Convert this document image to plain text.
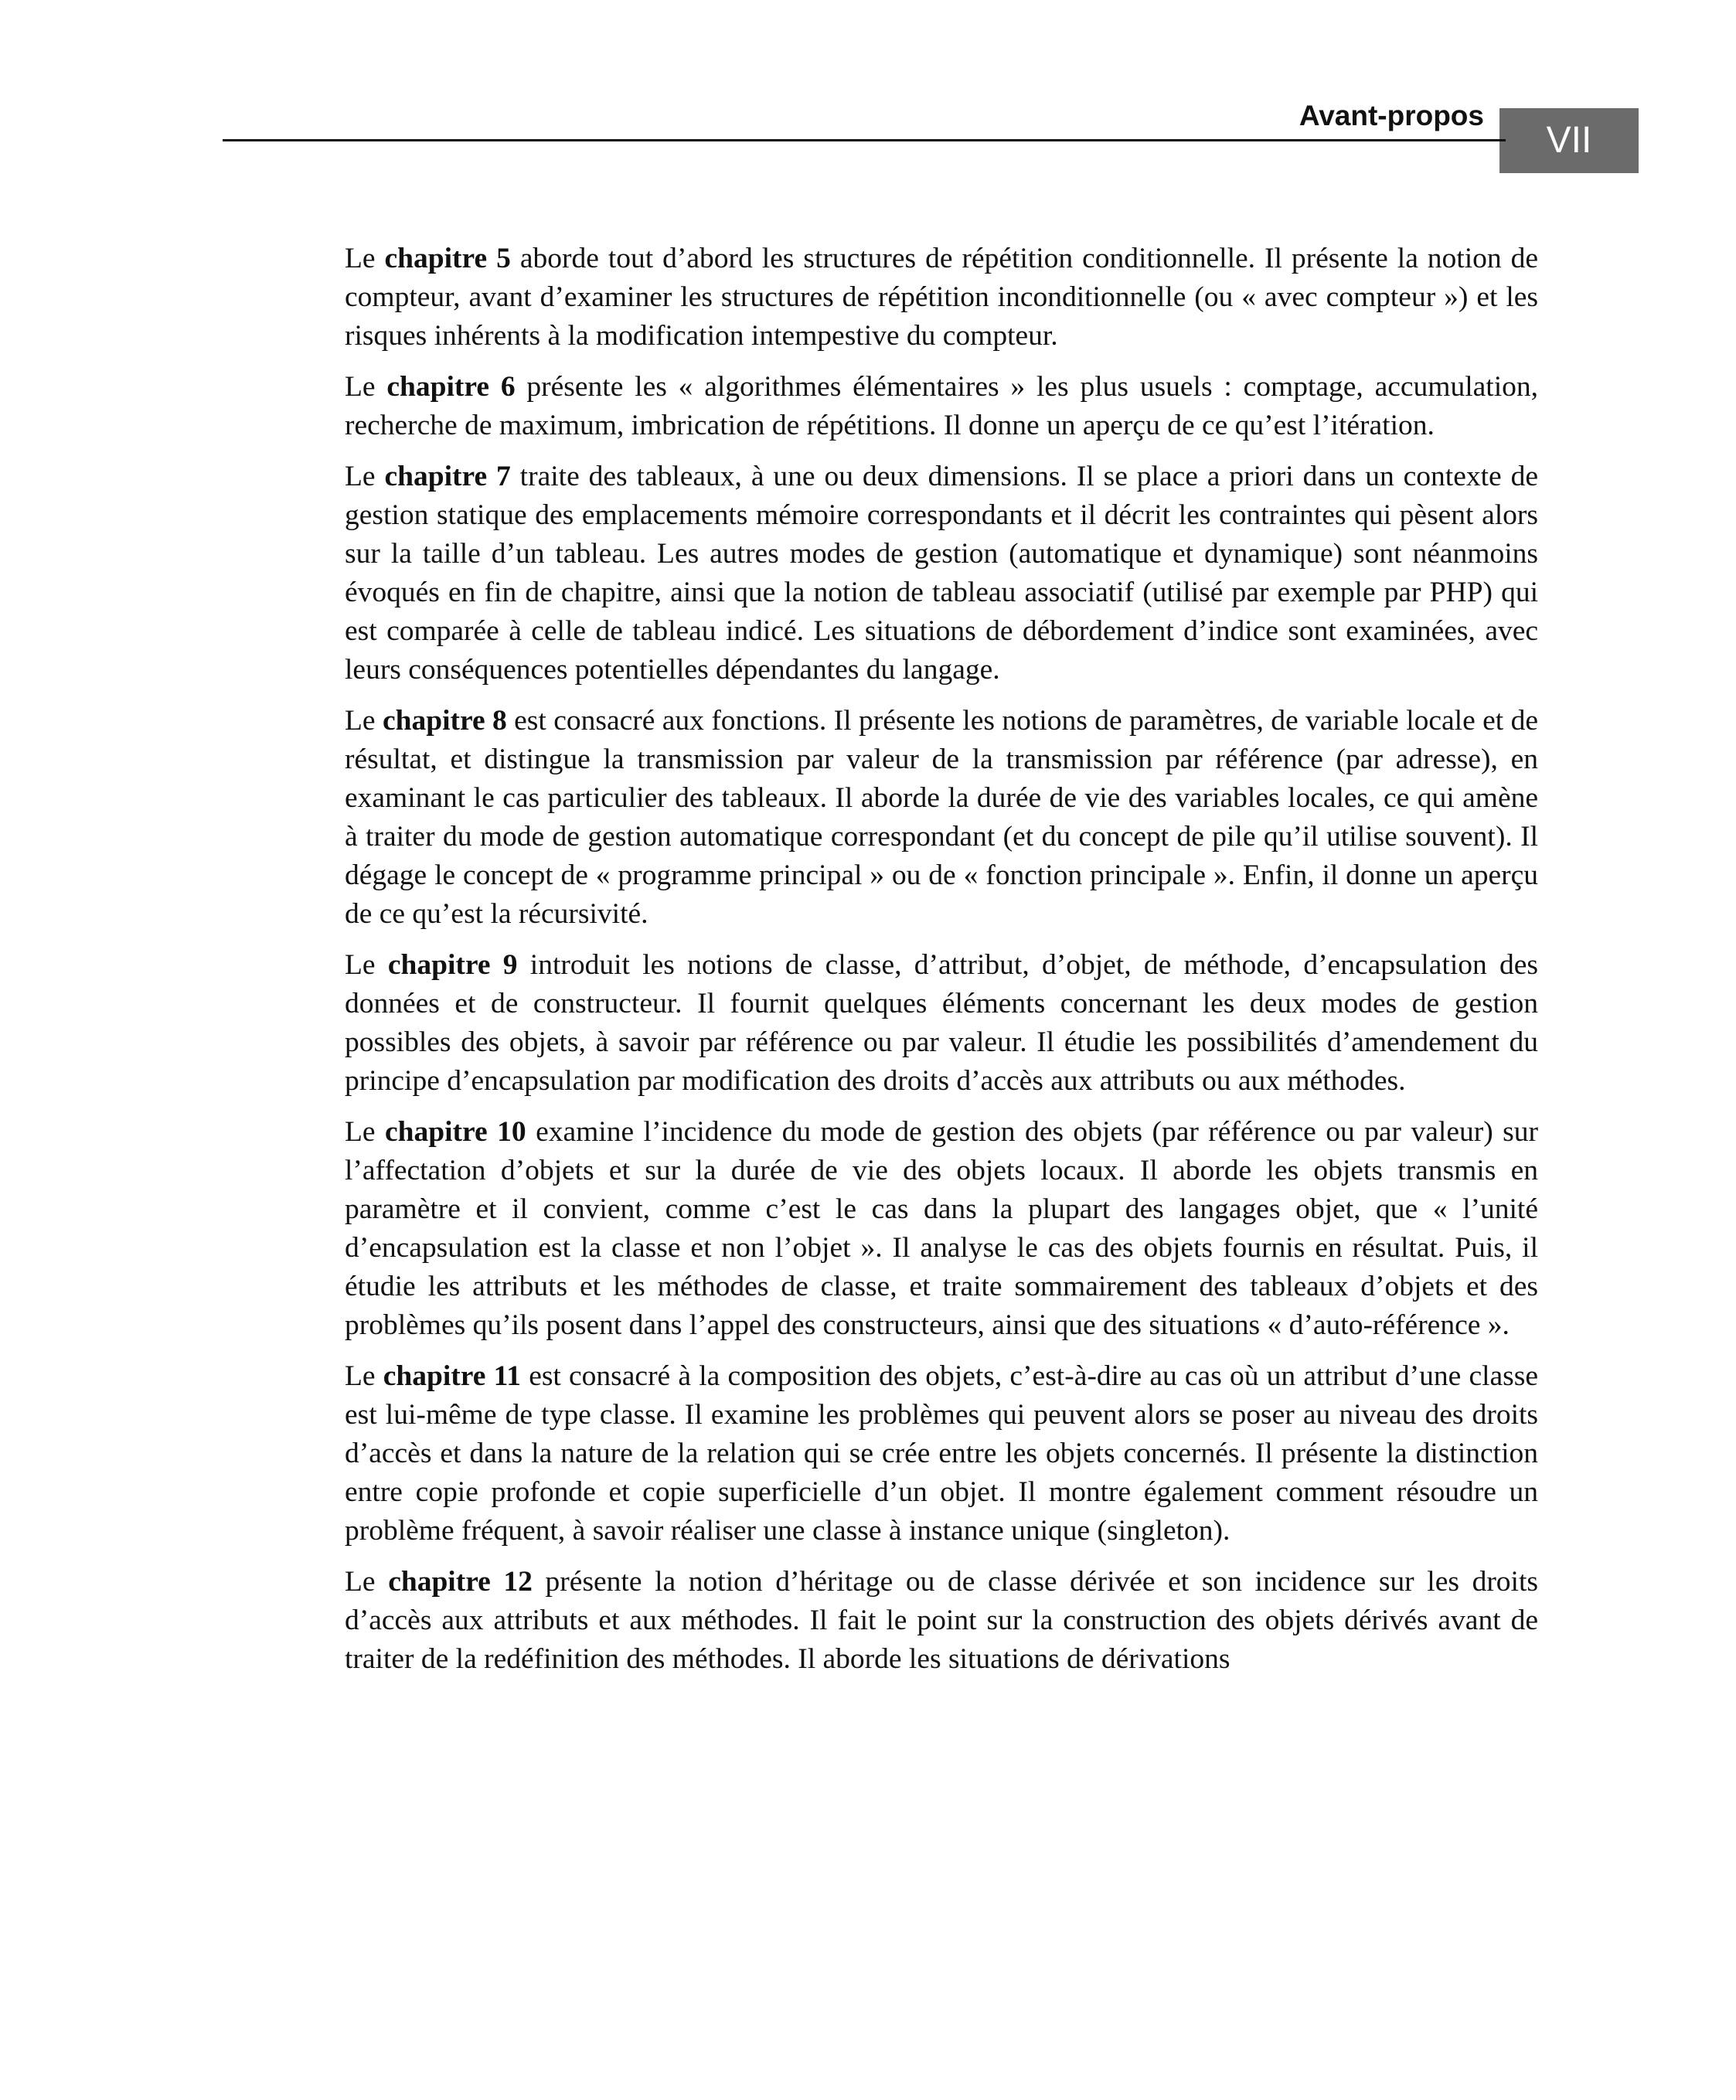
Avant-propos
VII

Le chapitre 5 aborde tout d’abord les structures de répétition conditionnelle. Il présente la notion de compteur, avant d’examiner les structures de répétition inconditionnelle (ou « avec compteur ») et les risques inhérents à la modification intempestive du compteur.

Le chapitre 6 présente les « algorithmes élémentaires » les plus usuels : comptage, accumulation, recherche de maximum, imbrication de répétitions. Il donne un aperçu de ce qu’est l’itération.

Le chapitre 7 traite des tableaux, à une ou deux dimensions. Il se place a priori dans un contexte de gestion statique des emplacements mémoire correspondants et il décrit les contraintes qui pèsent alors sur la taille d’un tableau. Les autres modes de gestion (automatique et dynamique) sont néanmoins évoqués en fin de chapitre, ainsi que la notion de tableau associatif (utilisé par exemple par PHP) qui est comparée à celle de tableau indicé. Les situations de débordement d’indice sont examinées, avec leurs conséquences potentielles dépendantes du langage.

Le chapitre 8 est consacré aux fonctions. Il présente les notions de paramètres, de variable locale et de résultat, et distingue la transmission par valeur de la transmission par référence (par adresse), en examinant le cas particulier des tableaux. Il aborde la durée de vie des variables locales, ce qui amène à traiter du mode de gestion automatique correspondant (et du concept de pile qu’il utilise souvent). Il dégage le concept de « programme principal » ou de « fonction principale ». Enfin, il donne un aperçu de ce qu’est la récursivité.

Le chapitre 9 introduit les notions de classe, d’attribut, d’objet, de méthode, d’encapsulation des données et de constructeur. Il fournit quelques éléments concernant les deux modes de gestion possibles des objets, à savoir par référence ou par valeur. Il étudie les possibilités d’amendement du principe d’encapsulation par modification des droits d’accès aux attributs ou aux méthodes.

Le chapitre 10 examine l’incidence du mode de gestion des objets (par référence ou par valeur) sur l’affectation d’objets et sur la durée de vie des objets locaux. Il aborde les objets transmis en paramètre et il convient, comme c’est le cas dans la plupart des langages objet, que « l’unité d’encapsulation est la classe et non l’objet ». Il analyse le cas des objets fournis en résultat. Puis, il étudie les attributs et les méthodes de classe, et traite sommairement des tableaux d’objets et des problèmes qu’ils posent dans l’appel des constructeurs, ainsi que des situations « d’auto-référence ».

Le chapitre 11 est consacré à la composition des objets, c’est-à-dire au cas où un attribut d’une classe est lui-même de type classe. Il examine les problèmes qui peuvent alors se poser au niveau des droits d’accès et dans la nature de la relation qui se crée entre les objets concernés. Il présente la distinction entre copie profonde et copie superficielle d’un objet. Il montre également comment résoudre un problème fréquent, à savoir réaliser une classe à instance unique (singleton).

Le chapitre 12 présente la notion d’héritage ou de classe dérivée et son incidence sur les droits d’accès aux attributs et aux méthodes. Il fait le point sur la construction des objets dérivés avant de traiter de la redéfinition des méthodes. Il aborde les situations de dérivations
